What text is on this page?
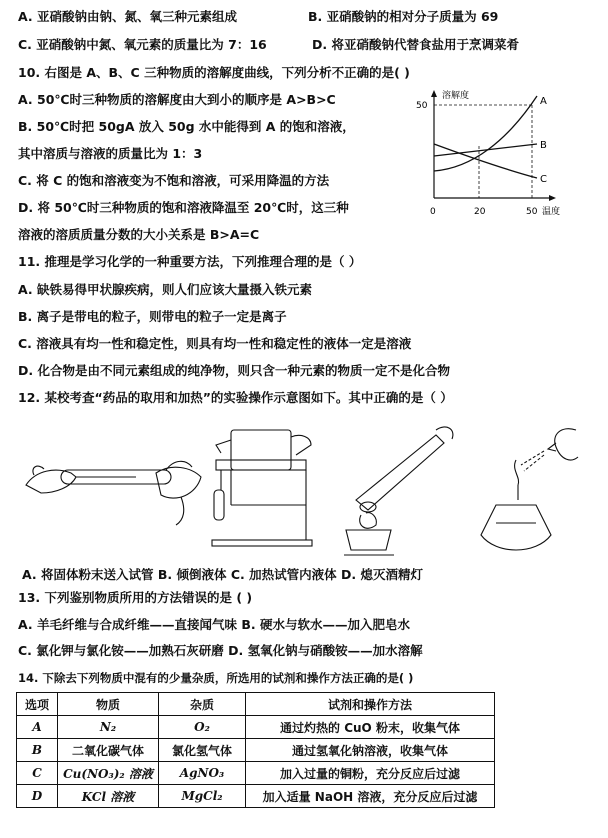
A. 亚硝酸钠由钠、氮、氧三种元素组成	B. 亚硝酸钠的相对分子质量为 69
C. 亚硝酸钠中氮、氧元素的质量比为 7：16	D. 将亚硝酸钠代替食盐用于烹调菜肴
10. 右图是 A、B、C 三种物质的溶解度曲线，下列分析不正确的是( )
A. 50℃时三种物质的溶解度由大到小的顺序是 A>B>C
B. 50℃时把 50gA 放入 50g 水中能得到 A 的饱和溶液，
其中溶质与溶液的质量比为 1：3
C. 将 C 的饱和溶液变为不饱和溶液，可采用降温的方法
D. 将 50℃时三种物质的饱和溶液降温至 20℃时，这三种
溶液的溶质质量分数的大小关系是 B>A=C
溶解度
50	A
B
C
0	20	50 温度
11. 推理是学习化学的一种重要方法，下列推理合理的是（ ）
A. 缺铁易得甲状腺疾病，则人们应该大量摄入铁元素
B. 离子是带电的粒子，则带电的粒子一定是离子
C. 溶液具有均一性和稳定性，则具有均一性和稳定性的液体一定是溶液
D. 化合物是由不同元素组成的纯净物，则只含一种元素的物质一定不是化合物
12. 某校考查“药品的取用和加热”的实验操作示意图如下。其中正确的是（ ）
A. 将固体粉末送入试管 B. 倾倒液体 C. 加热试管内液体 D. 熄灭酒精灯
13. 下列鉴别物质所用的方法错误的是 ( )
A. 羊毛纤维与合成纤维——直接闻气味 B. 硬水与软水——加入肥皂水
C. 氯化钾与氯化铵——加熟石灰研磨 D. 氢氧化钠与硝酸铵——加水溶解
14. 下除去下列物质中混有的少量杂质，所选用的试剂和操作方法正确的是( )
选项	物质	杂质	试剂和操作方法
A	N₂	O₂	通过灼热的 CuO 粉末，收集气体
B	二氧化碳气体	氯化氢气体	通过氢氧化钠溶液，收集气体
C	Cu(NO₃)₂ 溶液	AgNO₃	加入过量的铜粉，充分反应后过滤
D	KCl 溶液	MgCl₂	加入适量 NaOH 溶液，充分反应后过滤
